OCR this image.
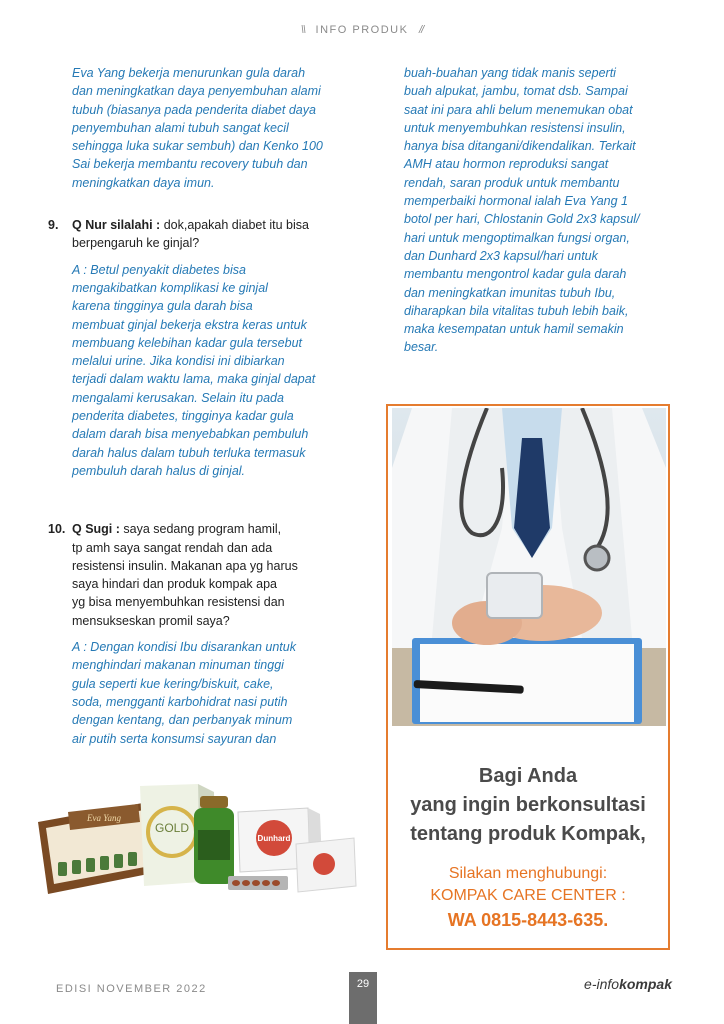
\\ INFO PRODUK //
Eva Yang bekerja menurunkan gula darah
dan meningkatkan daya penyembuhan alami
tubuh (biasanya pada penderita diabet daya
penyembuhan alami tubuh sangat kecil
sehingga luka sukar sembuh) dan Kenko 100
Sai bekerja membantu recovery tubuh dan
meningkatkan daya imun.
9.	Q Nur silalahi : dok,apakah diabet itu bisa
berpengaruh ke ginjal?
A : Betul penyakit diabetes bisa
mengakibatkan komplikasi ke ginjal
karena tingginya gula darah bisa
membuat ginjal bekerja ekstra keras untuk
membuang kelebihan kadar gula tersebut
melalui urine. Jika kondisi ini dibiarkan
terjadi dalam waktu lama, maka ginjal dapat
mengalami kerusakan. Selain itu pada
penderita diabetes, tingginya kadar gula
dalam darah bisa menyebabkan pembuluh
darah halus dalam tubuh terluka termasuk
pembuluh darah halus di ginjal.
10. Q Sugi : saya sedang program hamil,
tp amh saya sangat rendah dan ada
resistensi insulin. Makanan apa yg harus
saya hindari dan produk kompak apa
yg bisa menyembuhkan resistensi dan
mensukseskan promil saya?
A : Dengan kondisi Ibu disarankan untuk
menghindari makanan minuman tinggi
gula seperti kue kering/biskuit, cake,
soda, mengganti karbohidrat nasi putih
dengan kentang, dan perbanyak minum
air putih serta konsumsi sayuran dan
buah-buahan yang tidak manis seperti
buah alpukat, jambu, tomat dsb. Sampai
saat ini para ahli belum menemukan obat
untuk menyembuhkan resistensi insulin,
hanya bisa ditangani/dikendalikan. Terkait
AMH atau hormon reproduksi sangat
rendah, saran produk untuk membantu
memperbaiki hormonal ialah Eva Yang 1
botol per hari, Chlostanin Gold 2x3 kapsul/
hari untuk mengoptimalkan fungsi organ,
dan Dunhard 2x3 kapsul/hari untuk
membantu mengontrol kadar gula darah
dan meningkatkan imunitas tubuh Ibu,
diharapkan bila vitalitas tubuh lebih baik,
maka kesempatan untuk hamil semakin
besar.
Bagi Anda
yang ingin berkonsultasi
tentang produk Kompak,
Silakan menghubungi:
KOMPAK CARE CENTER :
WA 0815-8443-635.
Eva Yang
GOLD
Dunhard
EDISI NOVEMBER 2022	29	e-infokompak
